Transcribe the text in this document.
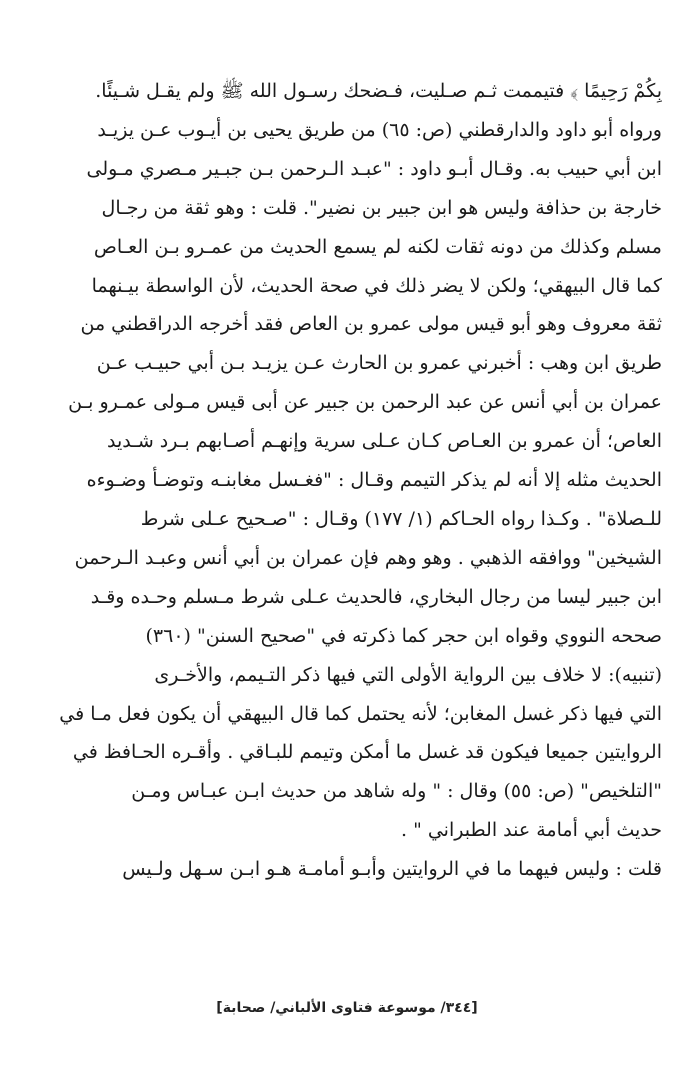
بِكُمْ رَحِيمًا ﴾ فتيممت ثـم صـليت، فـضحك رسـول الله ﷺ ولم يقـل شـيئًا.
ورواه أبو داود والدارقطني (ص: ٦٥) من طريق يحيى بن أيـوب عـن يزيـد
ابن أبي حبيب به. وقـال أبـو داود : "عبـد الـرحمن بـن جبـير مـصري مـولى
خارجة بن حذافة وليس هو ابن جبير بن نضير". قلت : وهو ثقة من رجـال
مسلم وكذلك من دونه ثقات لكنه لم يسمع الحديث من عمـرو بـن العـاص
كما قال البيهقي؛ ولكن لا يضر ذلك في صحة الحديث، لأن الواسطة بيـنهما
ثقة معروف وهو أبو قيس مولى عمرو بن العاص فقد أخرجه الدراقطني من
طريق ابن وهب : أخبرني عمرو بن الحارث عـن يزيـد بـن أبي حبيـب عـن
عمران بن أبي أنس عن عبد الرحمن بن جبير عن أبى قيس مـولى عمـرو بـن
العاص؛ أن عمرو بن العـاص كـان عـلى سرية وإنهـم أصـابهم بـرد شـديد
الحديث مثله إلا أنه لم يذكر التيمم وقـال : "فغـسل مغابنـه وتوضـأ وضـوءه
للـصلاة" . وكـذا رواه الحـاكم (١/ ١٧٧) وقـال : "صـحيح عـلى شرط
الشيخين" ووافقه الذهبي . وهو وهم فإن عمران بن أبي أنس وعبـد الـرحمن
ابن جبير ليسا من رجال البخاري، فالحديث عـلى شرط مـسلم وحـده وقـد
صححه النووي وقواه ابن حجر كما ذكرته في "صحيح السنن" (٣٦٠)
(تنبيه): لا خلاف بين الرواية الأولى التي فيها ذكر التـيمم، والأخـرى
التي فيها ذكر غسل المغابن؛ لأنه يحتمل كما قال البيهقي أن يكون فعل مـا في
الروايتين جميعا فيكون قد غسل ما أمكن وتيمم للبـاقي . وأقـره الحـافظ في
"التلخيص" (ص: ٥٥) وقال : " وله شاهد من حديث ابـن عبـاس ومـن
حديث أبي أمامة عند الطبراني " .
قلت : وليس فيهما ما في الروايتين وأبـو أمامـة هـو ابـن سـهل ولـيس
[٣٤٤/ موسوعة فتاوى الألباني/ صحابة]
